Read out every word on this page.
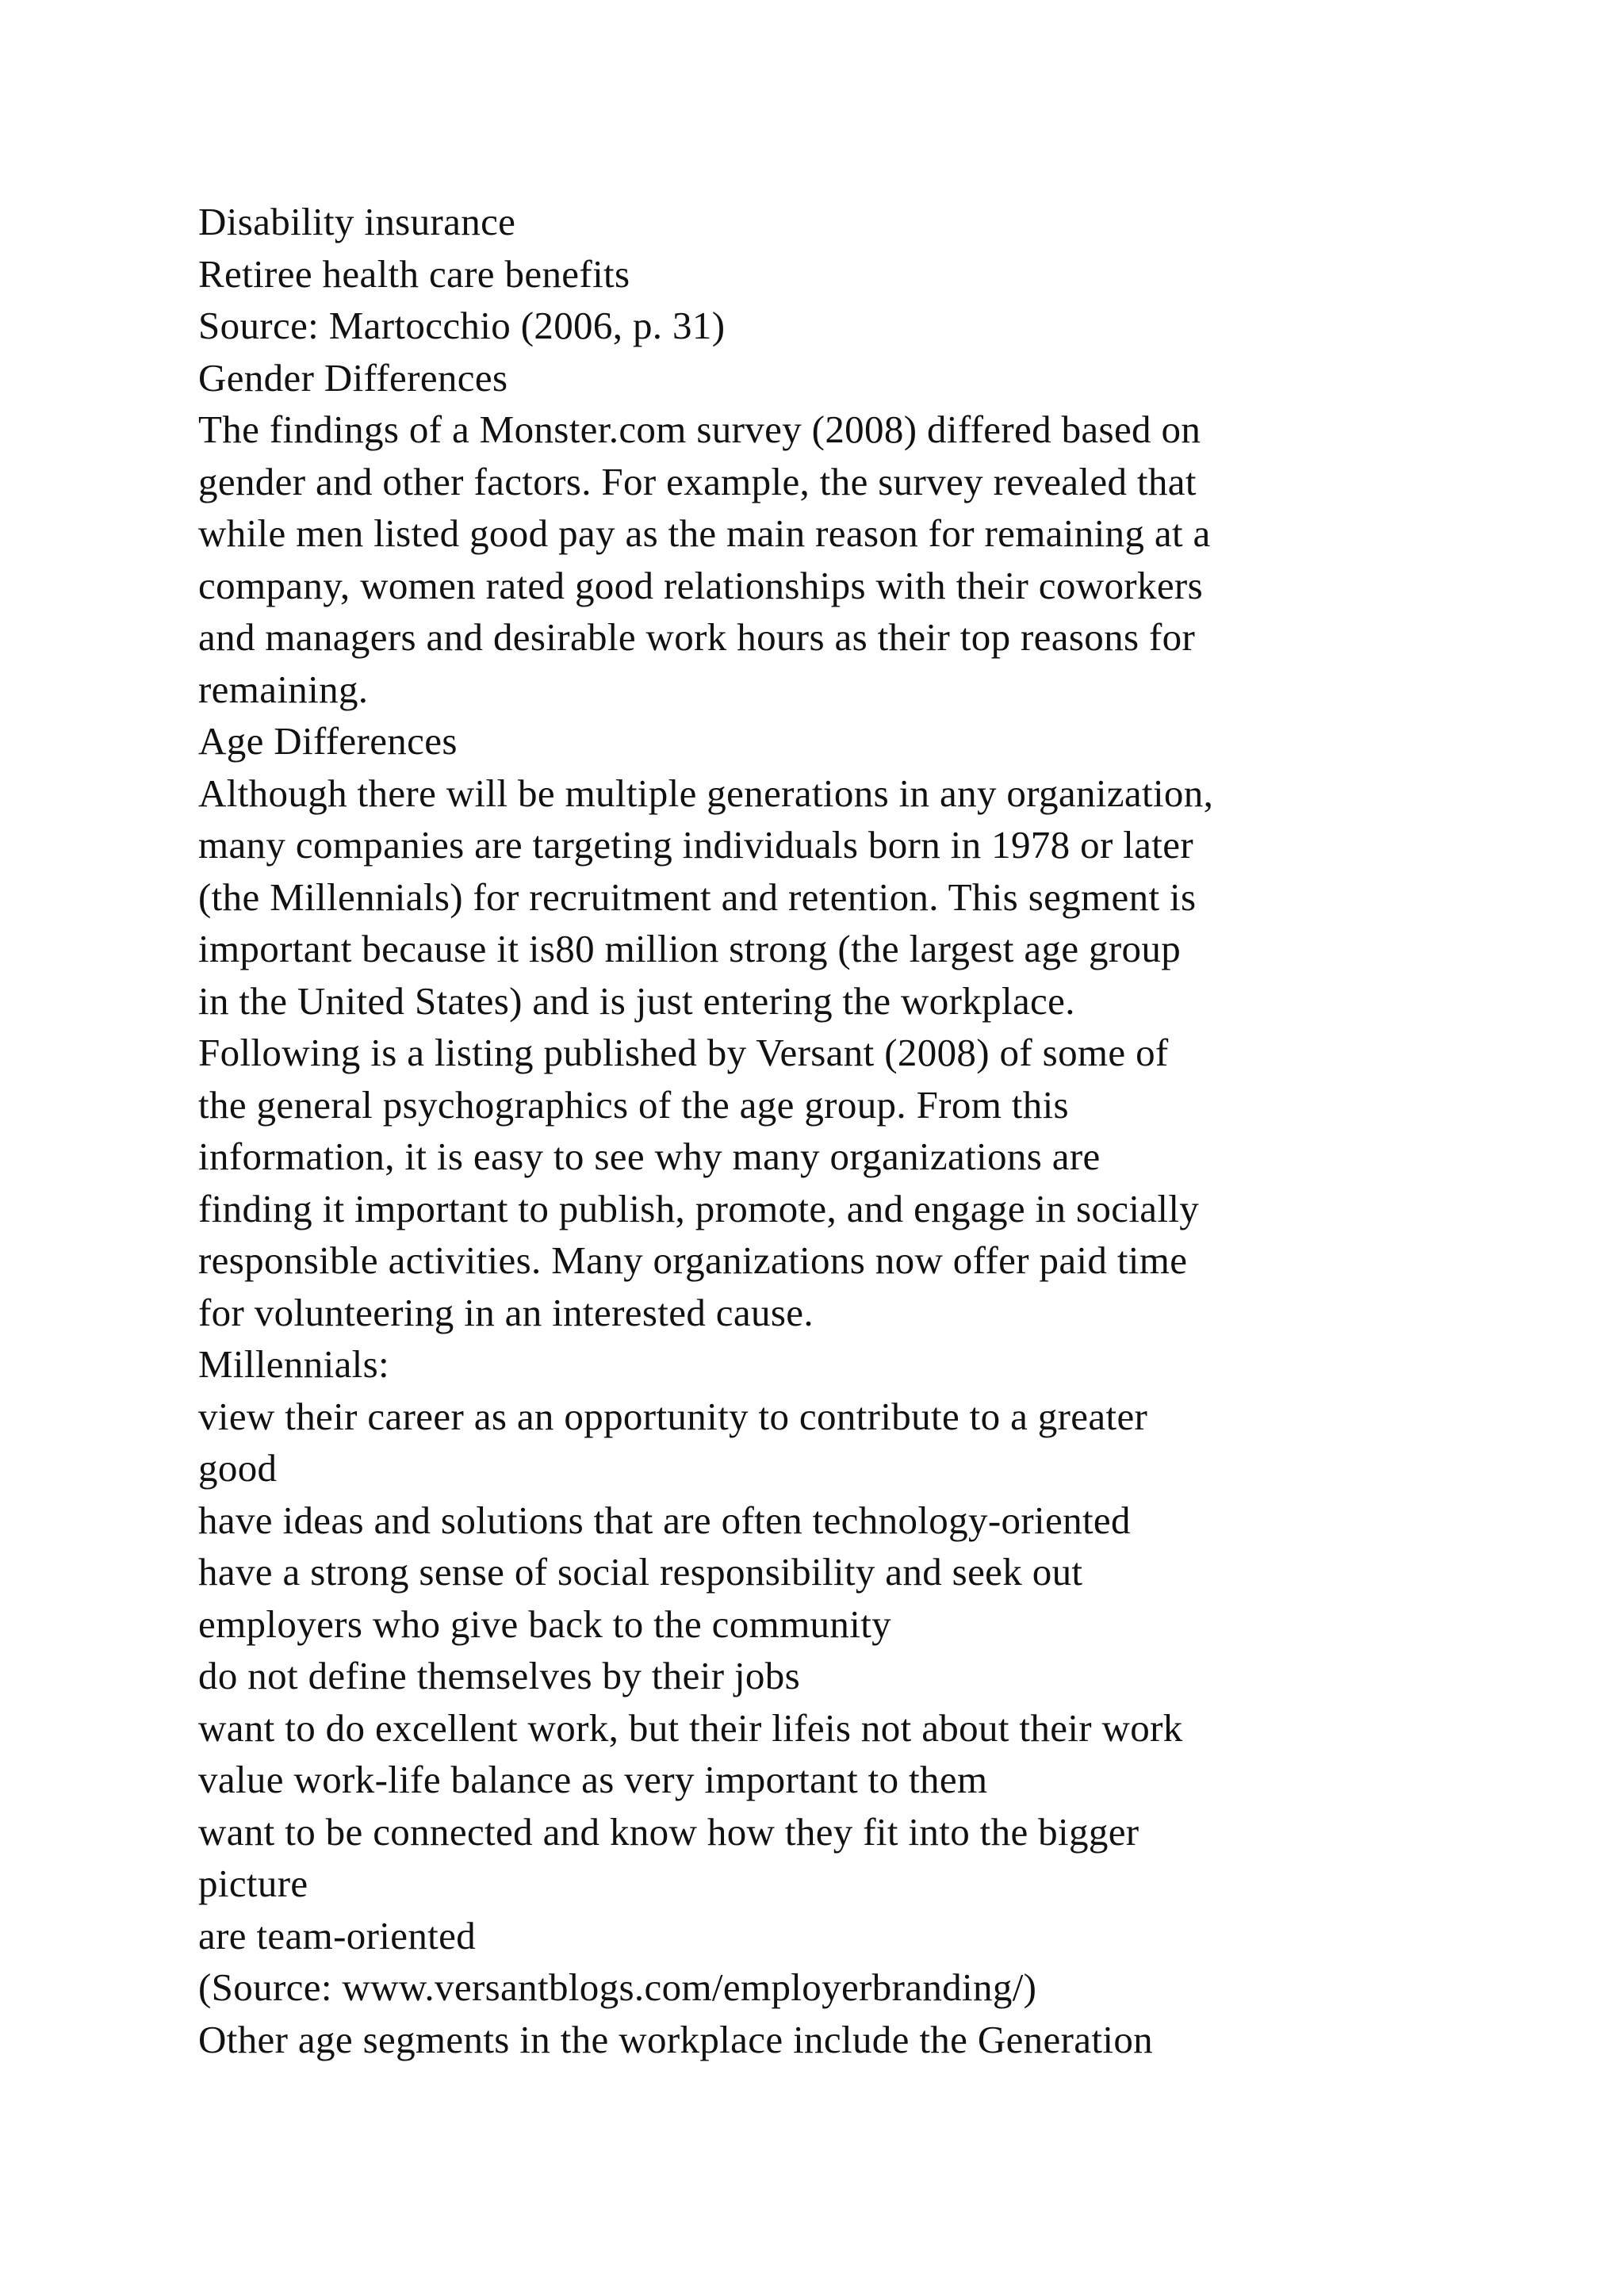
Disability insurance
Retiree health care benefits
Source: Martocchio (2006, p. 31)
Gender Differences
The findings of a Monster.com survey (2008) differed based on
gender and other factors. For example, the survey revealed that
while men listed good pay as the main reason for remaining at a
company, women rated good relationships with their coworkers
and managers and desirable work hours as their top reasons for
remaining.
Age Differences
Although there will be multiple generations in any organization,
many companies are targeting individuals born in 1978 or later
(the Millennials) for recruitment and retention. This segment is
important because it is80 million strong (the largest age group
in the United States) and is just entering the workplace.
Following is a listing published by Versant (2008) of some of
the general psychographics of the age group. From this
information, it is easy to see why many organizations are
finding it important to publish, promote, and engage in socially
responsible activities. Many organizations now offer paid time
for volunteering in an interested cause.
Millennials:
view their career as an opportunity to contribute to a greater
good
have ideas and solutions that are often technology-oriented
have a strong sense of social responsibility and seek out
employers who give back to the community
do not define themselves by their jobs
want to do excellent work, but their lifeis not about their work
value work-life balance as very important to them
want to be connected and know how they fit into the bigger
picture
are team-oriented
(Source: www.versantblogs.com/employerbranding/)
Other age segments in the workplace include the Generation
